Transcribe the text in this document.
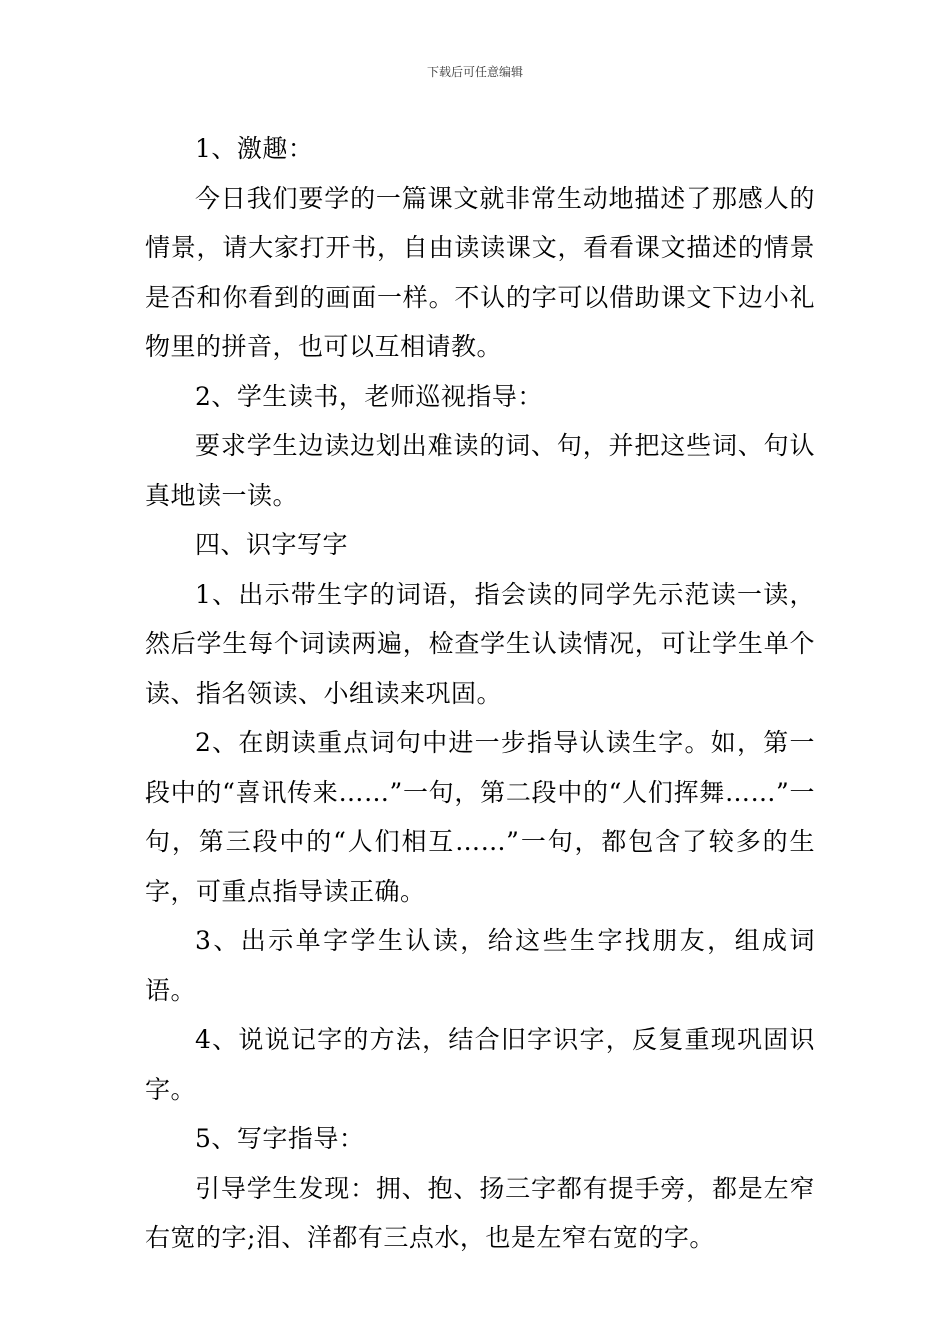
下载后可任意编辑

1、激趣：

今日我们要学的一篇课文就非常生动地描述了那感人的情景，请大家打开书，自由读读课文，看看课文描述的情景是否和你看到的画面一样。不认的字可以借助课文下边小礼物里的拼音，也可以互相请教。

2、学生读书，老师巡视指导：

要求学生边读边划出难读的词、句，并把这些词、句认真地读一读。

四、识字写字

1、出示带生字的词语，指会读的同学先示范读一读，然后学生每个词读两遍，检查学生认读情况，可让学生单个读、指名领读、小组读来巩固。

2、在朗读重点词句中进一步指导认读生字。如，第一段中的“喜讯传来……”一句，第二段中的“人们挥舞……”一句，第三段中的“人们相互……”一句，都包含了较多的生字，可重点指导读正确。

3、出示单字学生认读，给这些生字找朋友，组成词语。

4、说说记字的方法，结合旧字识字，反复重现巩固识字。

5、写字指导：

引导学生发现：拥、抱、扬三字都有提手旁，都是左窄右宽的字;泪、洋都有三点水，也是左窄右宽的字。
